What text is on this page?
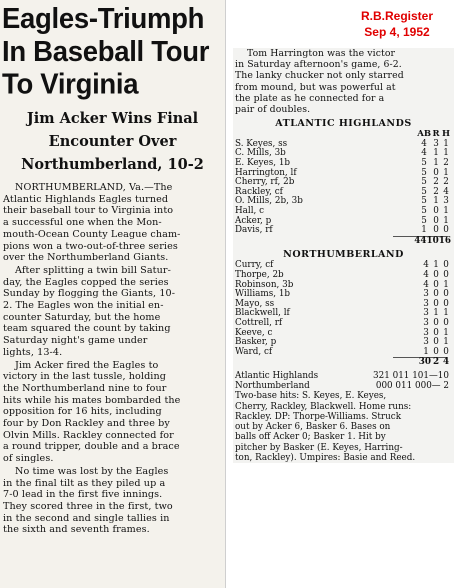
Eagles-Triumph
In Baseball Tour
To Virginia
Jim Acker Wins Final
Encounter Over
Northumberland, 10-2
NORTHUMBERLAND, Va.—The
Atlantic Highlands Eagles turned
their baseball tour to Virginia into
a successful one when the Mon-
mouth-Ocean County League cham-
pions won a two-out-of-three series
over the Northumberland Giants.
After splitting a twin bill Satur-
day, the Eagles copped the series
Sunday by flogging the Giants, 10-
2. The Eagles won the initial en-
counter Saturday, but the home
team squared the count by taking
Saturday night's game under
lights, 13-4.
Jim Acker fired the Eagles to
victory in the last tussle, holding
the Northumberland nine to four
hits while his mates bombarded the
opposition for 16 hits, including
four by Don Rackley and three by
Olvin Mills. Rackley connected for
a round tripper, double and a brace
of singles.
No time was lost by the Eagles
in the final tilt as they piled up a
7-0 lead in the first five innings.
They scored three in the first, two
in the second and single tallies in
the sixth and seventh frames.
R.B.Register
Sep 4, 1952
Tom Harrington was the victor
in Saturday afternoon's game, 6-2.
The lanky chucker not only starred
from mound, but was powerful at
the plate as he connected for a
pair of doubles.
ATLANTIC HIGHLANDS
		AB	R	H
S. Keyes, ss		4	3	1
C. Mills, 3b		4	1	1
E. Keyes, 1b		5	1	2
Harrington, lf		5	0	1
Cherry, rf, 2b		5	2	2
Rackley, cf		5	2	4
O. Mills, 2b, 3b		5	1	3
Hall, c		5	0	1
Acker, p		5	0	1
Davis, rf		1	0	0
		44	10	16
NORTHUMBERLAND
Curry, cf		4	1	0
Thorpe, 2b		4	0	0
Robinson, 3b		4	0	1
Williams, 1b		3	0	0
Mayo, ss		3	0	0
Blackwell, lf		3	1	1
Cottrell, rf		3	0	0
Keeve, c		3	0	1
Basker, p		3	0	1
Ward, cf		1	0	0
		30	2	4
Atlantic Highlands	321 011 101—10
Northumberland	000 011 000— 2
Two-base hits: S. Keyes, E. Keyes,
Cherry, Rackley, Blackwell. Home runs:
Rackley. DP: Thorpe-Williams. Struck
out by Acker 6, Basker 6. Bases on
balls off Acker 0; Basker 1. Hit by
pitcher by Basker (E. Keyes, Harring-
ton, Rackley). Umpires: Basie and Reed.
